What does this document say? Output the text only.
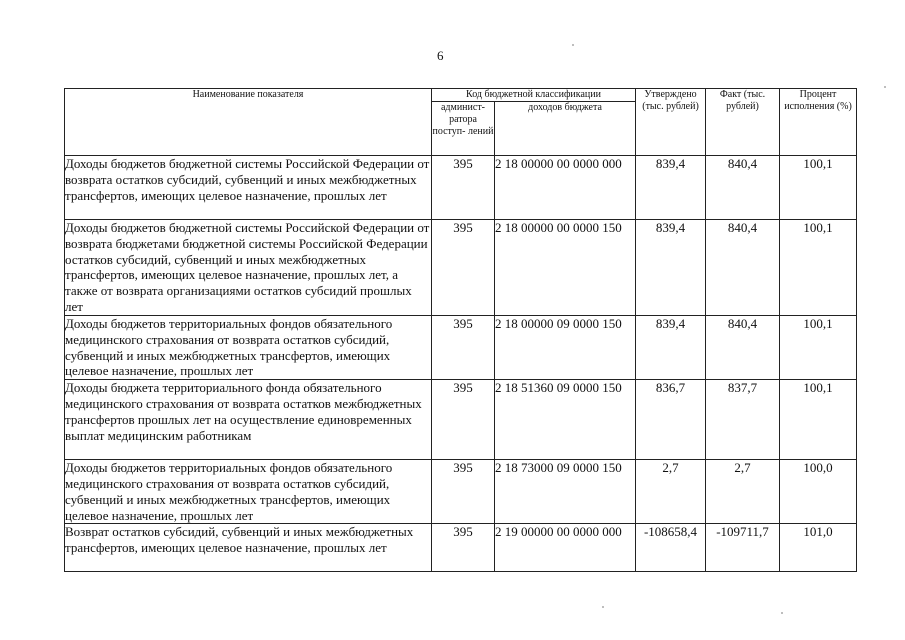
6
Наименование показателя	Код бюджетной классификации		Утверждено (тыс. рублей)	Факт (тыс. рублей)	Процент исполнения (%)
	админист- ратора поступ- лений	доходов бюджета			
Доходы бюджетов бюджетной системы Российской Федерации от возврата остатков субсидий, субвенций и иных межбюджетных трансфертов, имеющих целевое назначение, прошлых лет	395	2 18 00000 00 0000 000	839,4	840,4	100,1
Доходы бюджетов бюджетной системы Российской Федерации от возврата бюджетами бюджетной системы Российской Федерации остатков субсидий, субвенций и иных межбюджетных трансфертов, имеющих целевое назначение, прошлых лет, а также от возврата организациями остатков субсидий прошлых лет	395	2 18 00000 00 0000 150	839,4	840,4	100,1
Доходы бюджетов территориальных фондов обязательного медицинского страхования от возврата остатков субсидий, субвенций и иных межбюджетных трансфертов, имеющих целевое назначение, прошлых лет	395	2 18 00000 09 0000 150	839,4	840,4	100,1
Доходы бюджета территориального фонда обязательного медицинского страхования от возврата остатков межбюджетных трансфертов прошлых лет на осуществление единовременных выплат медицинским работникам	395	2 18 51360 09 0000 150	836,7	837,7	100,1
Доходы бюджетов территориальных фондов обязательного медицинского страхования от возврата остатков субсидий, субвенций и иных межбюджетных трансфертов, имеющих целевое назначение, прошлых лет	395	2 18 73000 09 0000 150	2,7	2,7	100,0
Возврат остатков субсидий, субвенций и иных межбюджетных трансфертов, имеющих целевое назначение, прошлых лет	395	2 19 00000 00 0000 000	-108658,4	-109711,7	101,0
